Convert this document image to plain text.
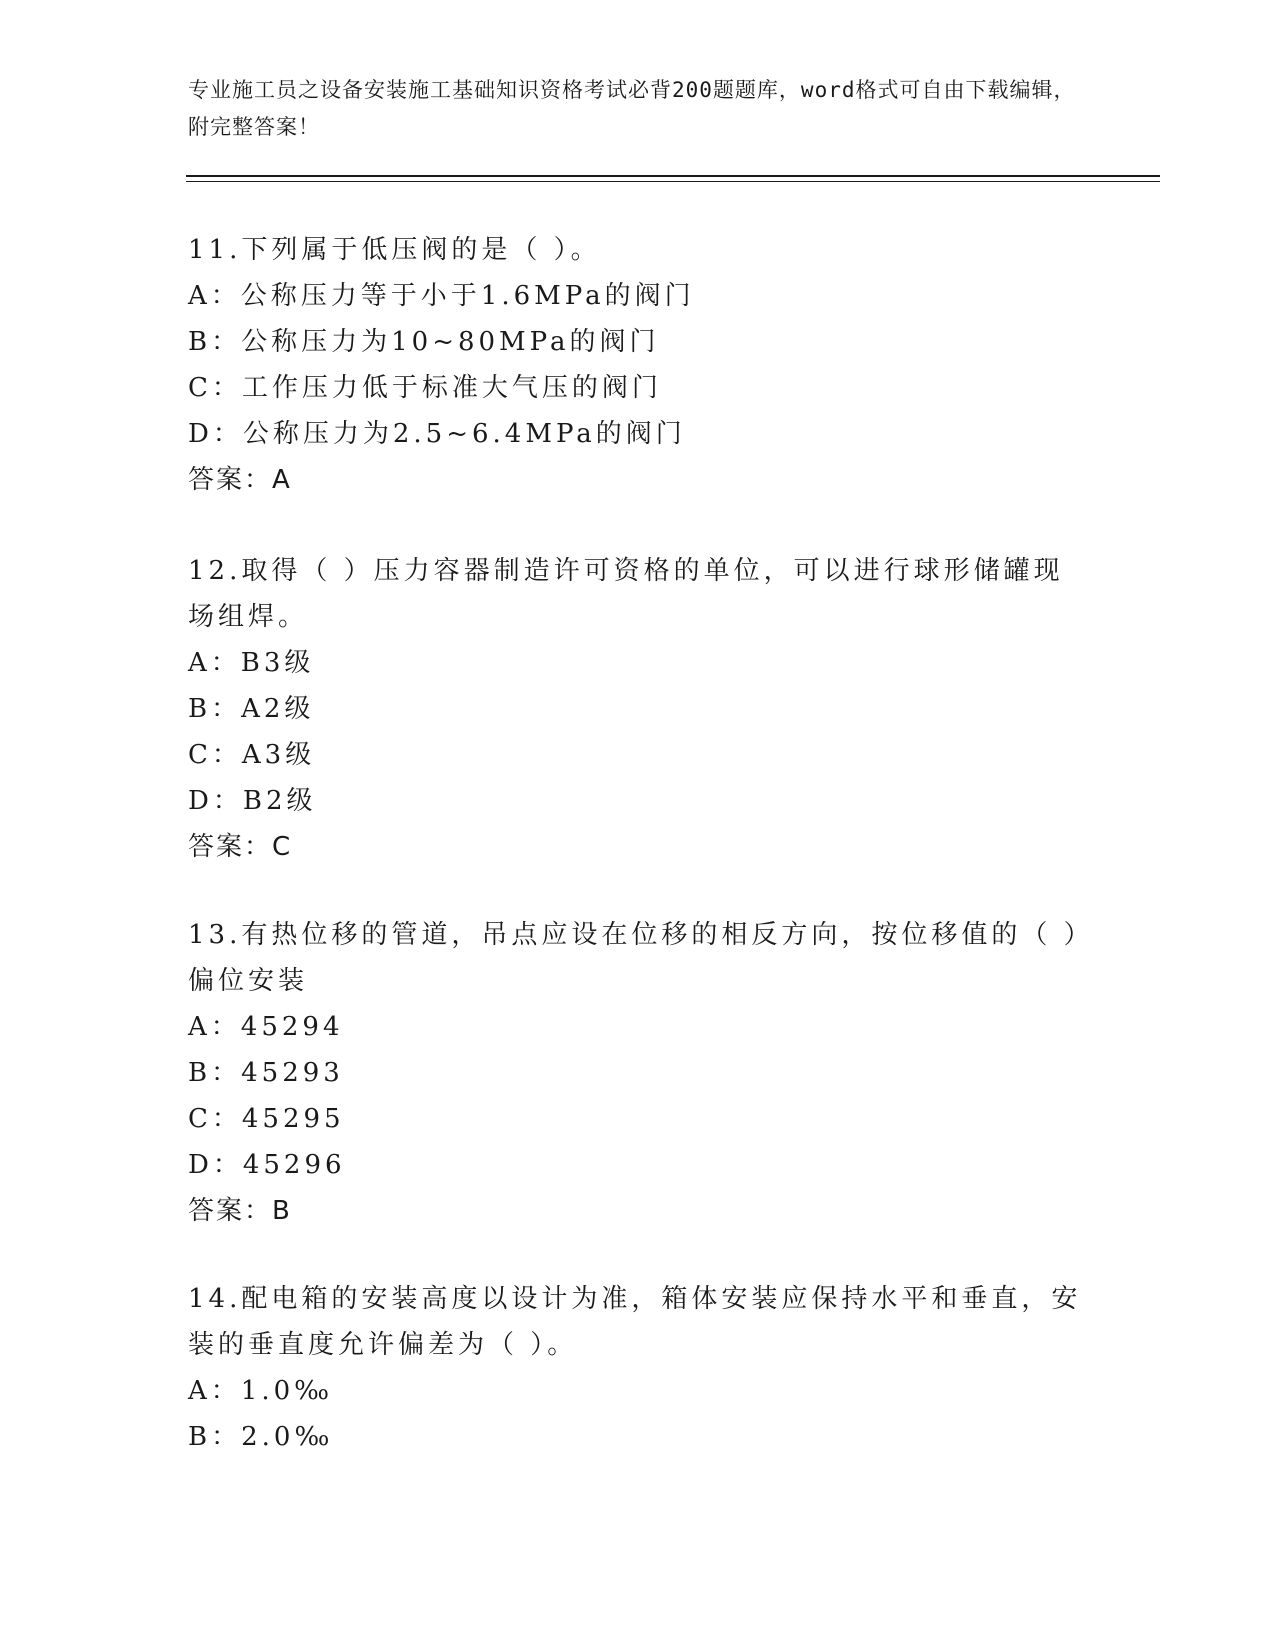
专业施工员之设备安装施工基础知识资格考试必背200题题库，word格式可自由下载编辑，附完整答案！

11.下列属于低压阀的是（ ）。

A：公称压力等于小于1.6MPa的阀门

B：公称压力为10~80MPa的阀门

C：工作压力低于标准大气压的阀门

D：公称压力为2.5~6.4MPa的阀门

答案：A

12.取得（ ）压力容器制造许可资格的单位，可以进行球形储罐现场组焊。

A：B3级

B：A2级

C：A3级

D：B2级

答案：C

13.有热位移的管道，吊点应设在位移的相反方向，按位移值的（ ）偏位安装

A：45294

B：45293

C：45295

D：45296

答案：B

14.配电箱的安装高度以设计为准，箱体安装应保持水平和垂直，安装的垂直度允许偏差为（ ）。

A：1.0‰

B：2.0‰
